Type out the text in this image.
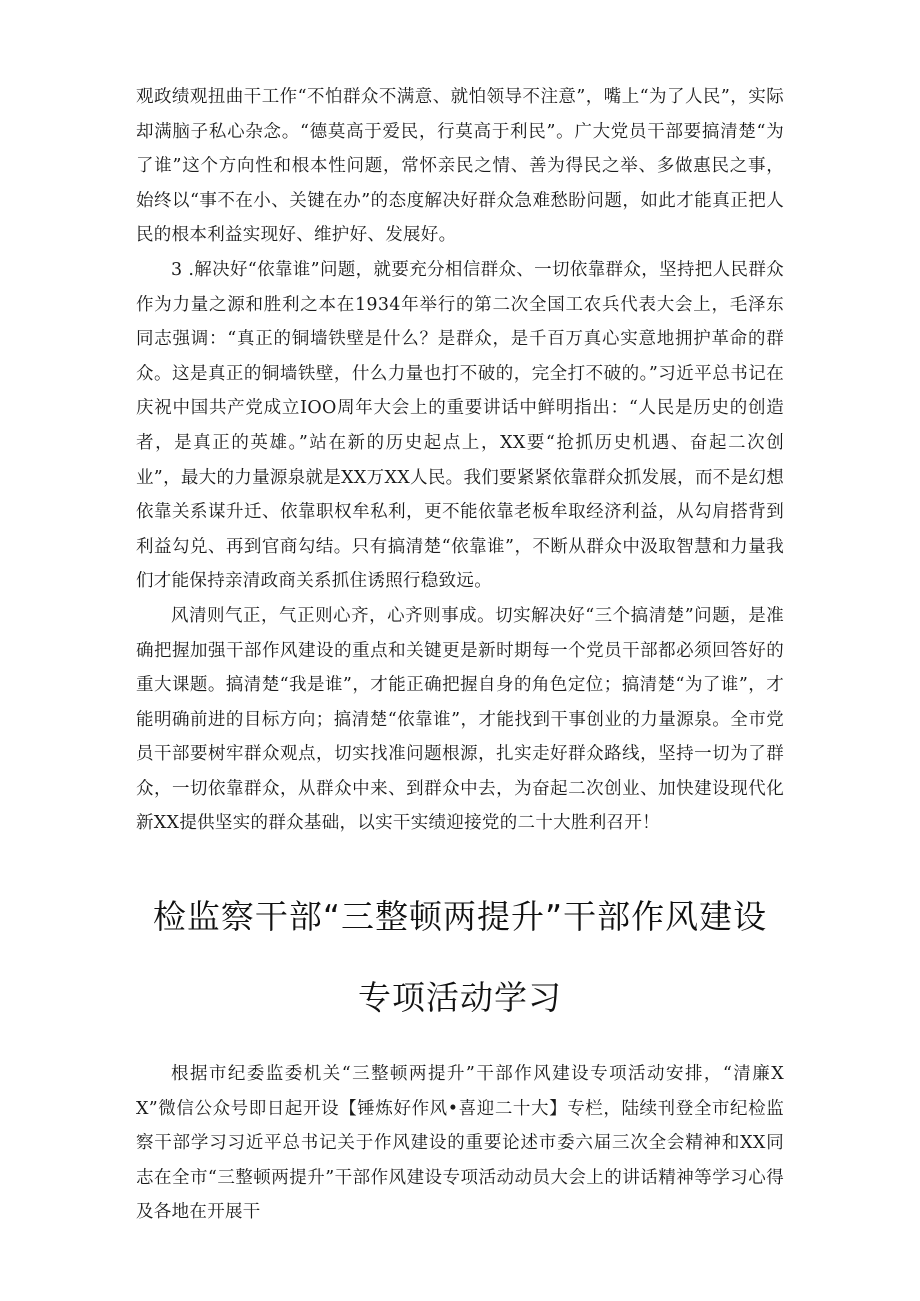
观政绩观扭曲干工作“不怕群众不满意、就怕领导不注意”，嘴上“为了人民”，实际却满脑子私心杂念。“德莫高于爱民，行莫高于利民”。广大党员干部要搞清楚“为了谁”这个方向性和根本性问题，常怀亲民之情、善为得民之举、多做惠民之事，始终以“事不在小、关键在办”的态度解决好群众急难愁盼问题，如此才能真正把人民的根本利益实现好、维护好、发展好。

3 .解决好“依靠谁”问题，就要充分相信群众、一切依靠群众，坚持把人民群众作为力量之源和胜利之本在1934年举行的第二次全国工农兵代表大会上，毛泽东同志强调：“真正的铜墙铁壁是什么？是群众，是千百万真心实意地拥护革命的群众。这是真正的铜墙铁壁，什么力量也打不破的，完全打不破的。”习近平总书记在庆祝中国共产党成立IOO周年大会上的重要讲话中鲜明指出：“人民是历史的创造者，是真正的英雄。”站在新的历史起点上，XX要“抢抓历史机遇、奋起二次创业”，最大的力量源泉就是XX万XX人民。我们要紧紧依靠群众抓发展，而不是幻想依靠关系谋升迁、依靠职权牟私利，更不能依靠老板牟取经济利益，从勾肩搭背到利益勾兑、再到官商勾结。只有搞清楚“依靠谁”，不断从群众中汲取智慧和力量我们才能保持亲清政商关系抓住诱照行稳致远。

风清则气正，气正则心齐，心齐则事成。切实解决好“三个搞清楚”问题，是准确把握加强干部作风建设的重点和关键更是新时期每一个党员干部都必须回答好的重大课题。搞清楚“我是谁”，才能正确把握自身的角色定位；搞清楚“为了谁”，才能明确前进的目标方向；搞清楚“依靠谁”，才能找到干事创业的力量源泉。全市党员干部要树牢群众观点，切实找准问题根源，扎实走好群众路线，坚持一切为了群众，一切依靠群众，从群众中来、到群众中去，为奋起二次创业、加快建设现代化新XX提供坚实的群众基础，以实干实绩迎接党的二十大胜利召开！

检监察干部“三整顿两提升”干部作风建设
专项活动学习

根据市纪委监委机关“三整顿两提升”干部作风建设专项活动安排，“清廉XX”微信公众号即日起开设【锤炼好作风•喜迎二十大】专栏，陆续刊登全市纪检监察干部学习习近平总书记关于作风建设的重要论述市委六届三次全会精神和XX同志在全市“三整顿两提升”干部作风建设专项活动动员大会上的讲话精神等学习心得及各地在开展干
